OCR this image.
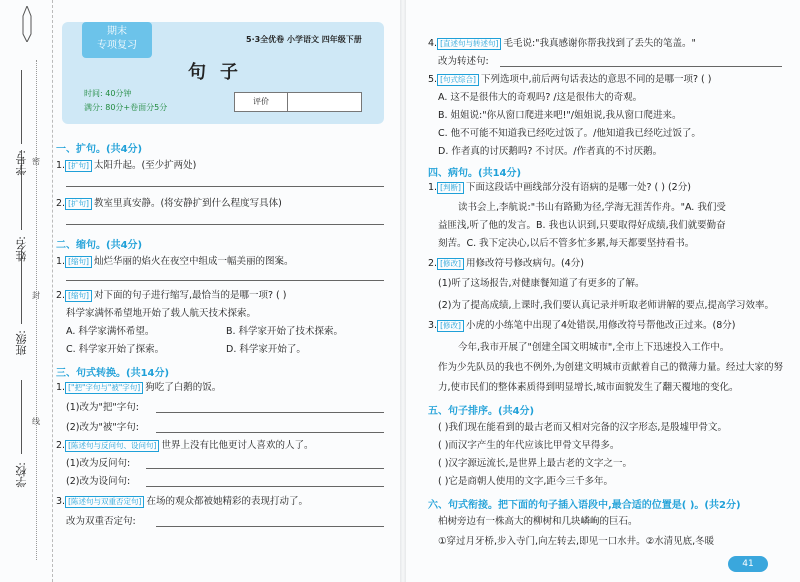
学校:
班级:
姓名:
学号: 密
封
线
期末
专项复习
5·3全优卷 小学语文 四年级下册
句子
时间: 40分钟
满分: 80分+卷面分5分
评价
一、扩句。(共4分)
1. [扩句] 太阳升起。(至少扩两处)
2. [扩句] 教室里真安静。(将安静扩到什么程度写具体)
二、缩句。(共4分)
1. [缩句] 灿烂华丽的焰火在夜空中组成一幅美丽的图案。
2. [缩句] 对下面的句子进行缩写,最恰当的是哪一项? ( )
科学家满怀希望地开始了载人航天技术探索。
A. 科学家满怀希望。	B. 科学家开始了技术探索。
C. 科学家开始了探索。	D. 科学家开始了。
三、句式转换。(共14分)
1. ["把"字句与"被"字句] 狗吃了白鹅的饭。
(1)改为"把"字句:
(2)改为"被"字句:
2. [陈述句与反问句、设问句] 世界上没有比他更讨人喜欢的人了。
(1)改为反问句:
(2)改为设问句:
3. [陈述句与双重否定句] 在场的观众都被她精彩的表现打动了。
改为双重否定句:
4. [直述句与转述句] 毛毛说:"我真感谢你帮我找到了丢失的笔盖。"
改为转述句:
5. [句式综合] 下列选项中,前后两句话表达的意思不同的是哪一项? ( )
A. 这不是很伟大的奇观吗? /这是很伟大的奇观。
B. 姐姐说:"你从窗口爬进来吧!"/姐姐说,我从窗口爬进来。
C. 他不可能不知道我已经吃过饭了。/他知道我已经吃过饭了。
D. 作者真的讨厌鹅吗? 不讨厌。/作者真的不讨厌鹅。
四、病句。(共14分)
1. [判断] 下面这段话中画线部分没有语病的是哪一处? ( ) (2分)
读书会上,李航说:"书山有路勤为径,学海无涯苦作舟。"A. 我们受
益匪浅,听了他的发言。B. 我也认识到,只要取得好成绩,我们就要勤奋
刻苦。C. 我下定决心,以后不管多忙多累,每天都要坚持看书。
2. [修改] 用修改符号修改病句。(4分)
(1)听了这场报告,对健康餐知道了有更多的了解。
(2)为了提高成绩,上课时,我们要认真记录并听取老师讲解的要点,提高学习效率。
3. [修改] 小虎的小练笔中出现了4处错误,用修改符号帮他改正过来。(8分)
今年,我市开展了"创建全国文明城市",全市上下迅速投入工作中。
作为少先队员的我也不例外,为创建文明城市贡献着自己的微薄力量。经过大家的努
力,使市民们的整体素质得到明显增长,城市面貌发生了翻天覆地的变化。
五、句子排序。(共4分)
( )我们现在能看到的最古老而又相对完备的汉字形态,是殷墟甲骨文。
( )而汉字产生的年代应该比甲骨文早得多。
( )汉字源远流长,是世界上最古老的文字之一。
( )它是商朝人使用的文字,距今三千多年。
六、句式衔接。把下面的句子插入语段中,最合适的位置是( )。(共2分)
柏树旁边有一株高大的柳树和几块嶙峋的巨石。
①穿过月牙桥,步入寺门,向左转去,即见一口水井。②水清见底,冬暖
41
